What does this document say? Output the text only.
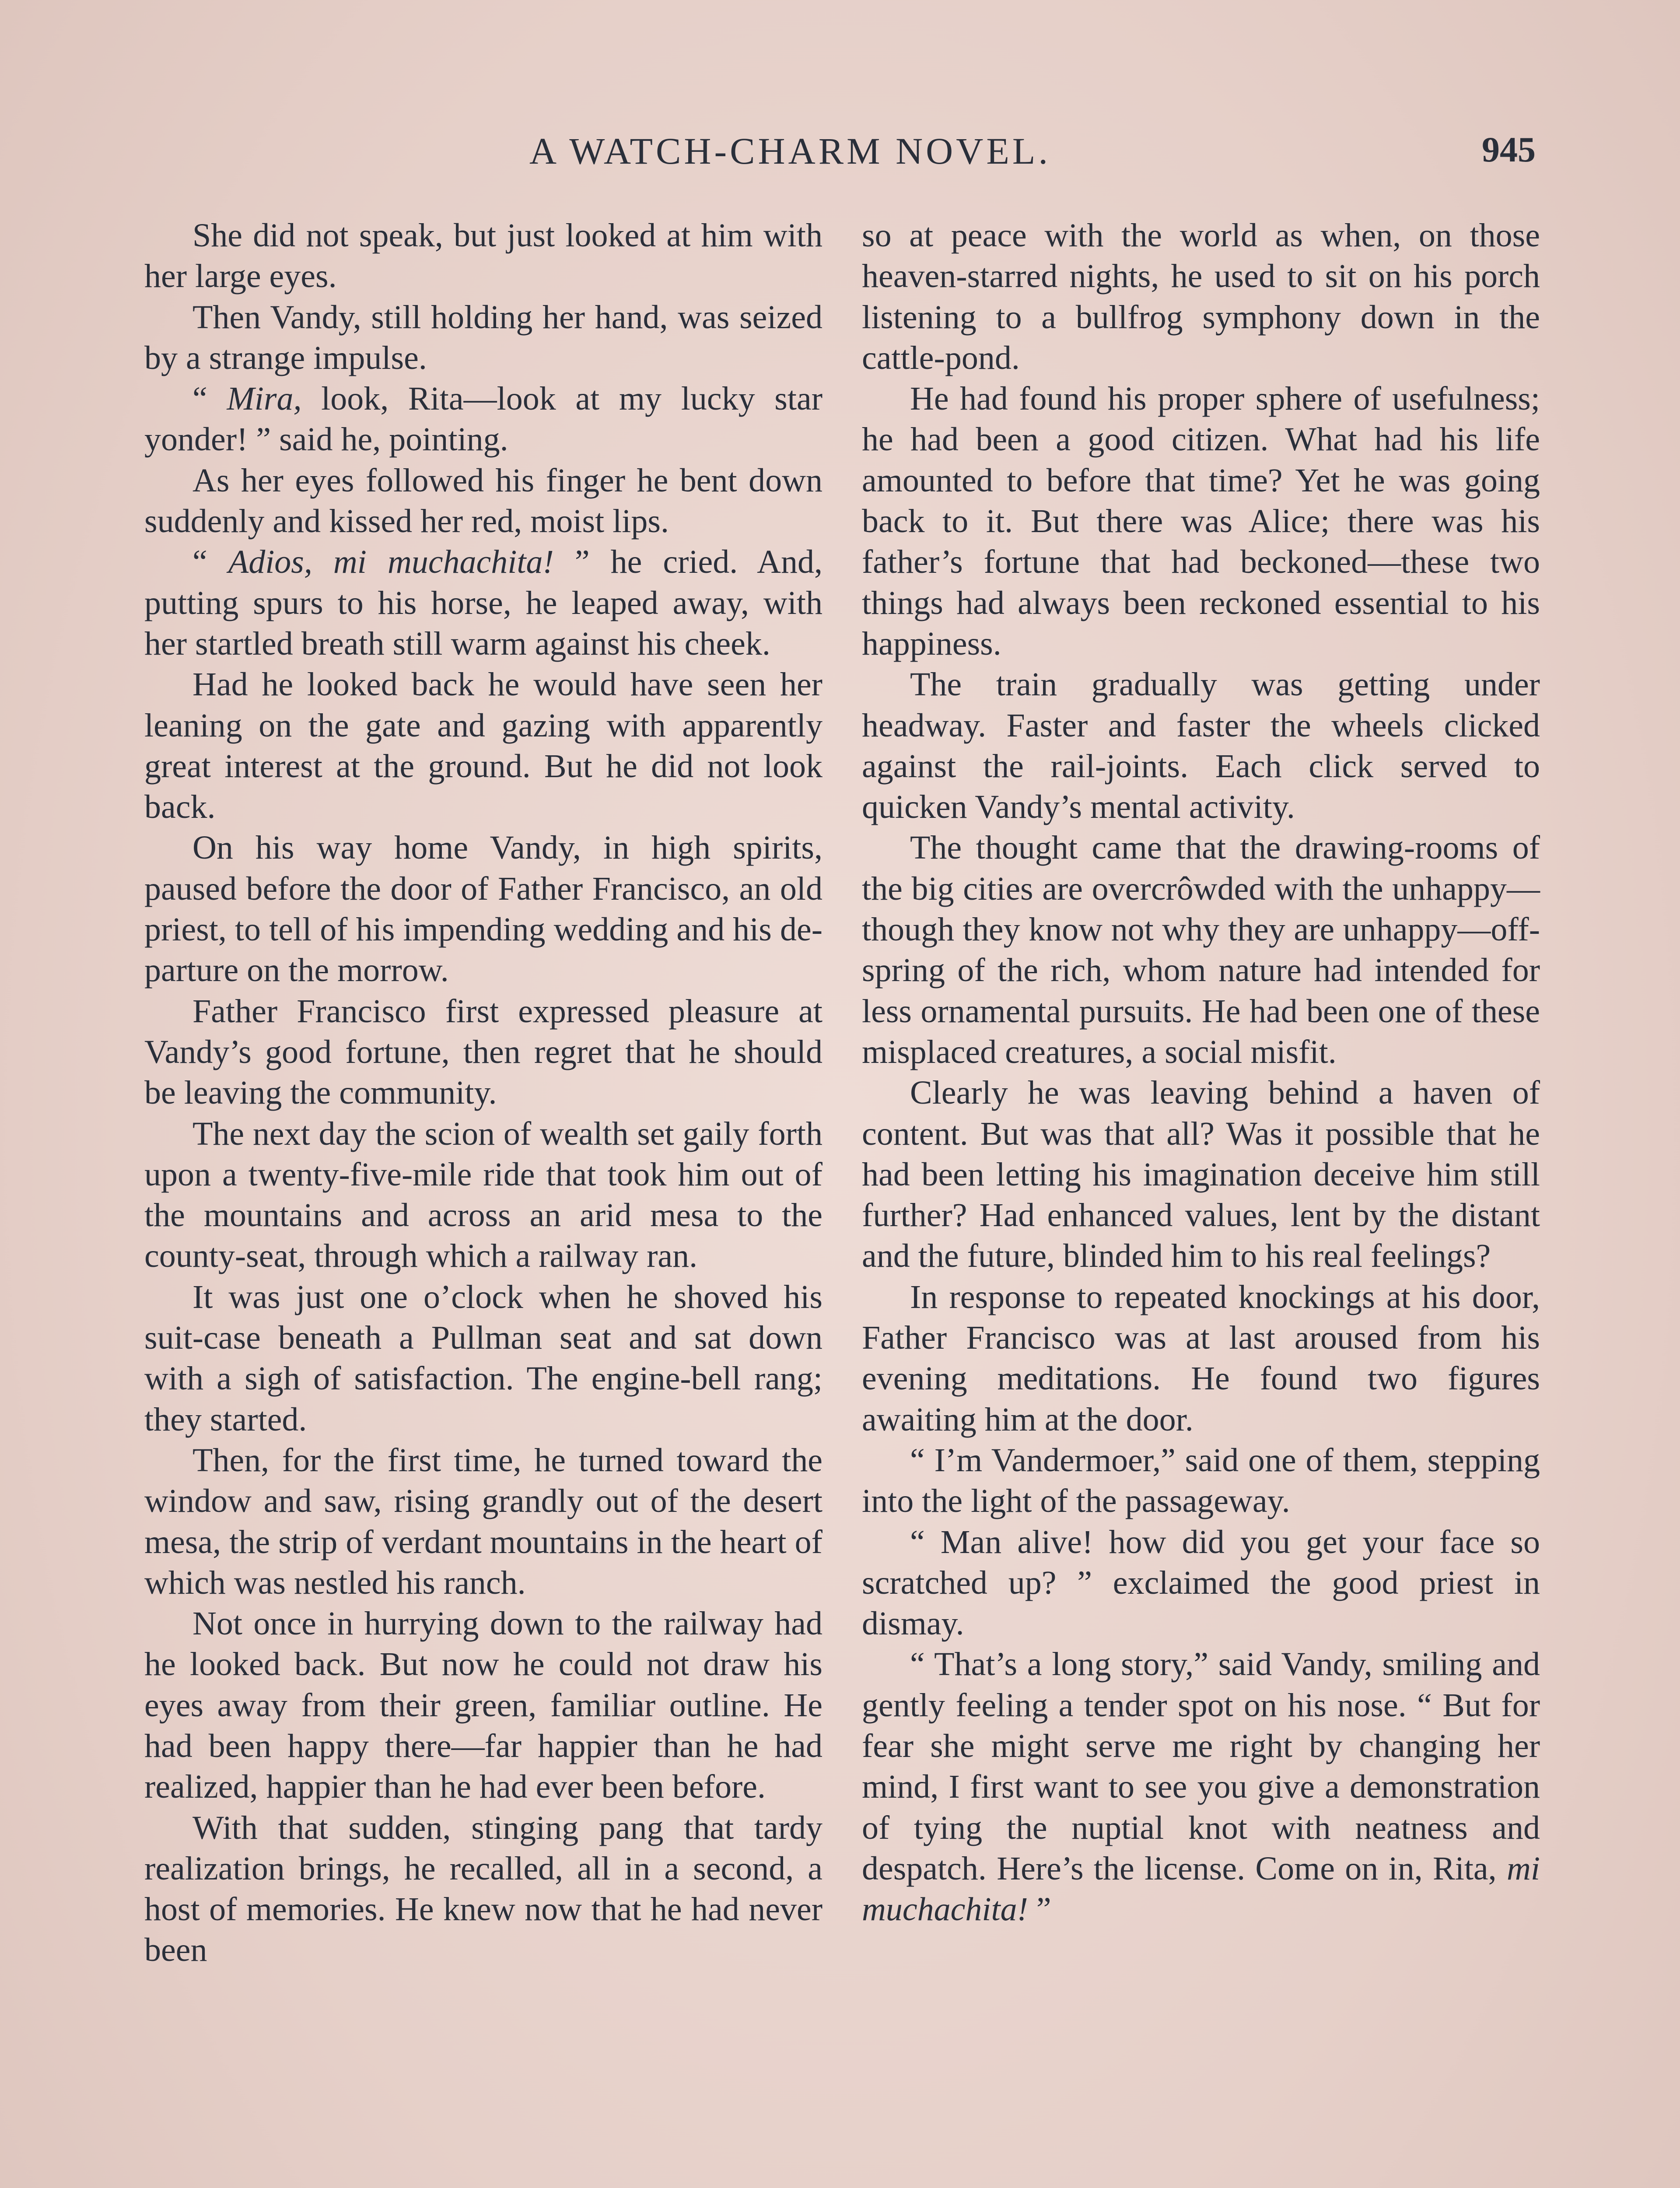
A WATCH-CHARM NOVEL.	945

She did not speak, but just looked at him with her large eyes.

Then Vandy, still holding her hand, was seized by a strange impulse.

“ Mira, look, Rita—look at my lucky star yonder! ” said he, pointing.

As her eyes followed his finger he bent down suddenly and kissed her red, moist lips.

“ Adios, mi muchachita! ” he cried. And, putting spurs to his horse, he leaped away, with her startled breath still warm against his cheek.

Had he looked back he would have seen her leaning on the gate and gazing with apparently great interest at the ground. But he did not look back.

On his way home Vandy, in high spirits, paused before the door of Father Francisco, an old priest, to tell of his impending wedding and his departure on the morrow.

Father Francisco first expressed pleasure at Vandy’s good fortune, then regret that he should be leaving the community.

The next day the scion of wealth set gaily forth upon a twenty-five-mile ride that took him out of the mountains and across an arid mesa to the county-seat, through which a railway ran.

It was just one o’clock when he shoved his suit-case beneath a Pullman seat and sat down with a sigh of satisfaction. The engine-bell rang; they started.

Then, for the first time, he turned toward the window and saw, rising grandly out of the desert mesa, the strip of verdant mountains in the heart of which was nestled his ranch.

Not once in hurrying down to the railway had he looked back. But now he could not draw his eyes away from their green, familiar outline. He had been happy there—far happier than he had realized, happier than he had ever been before.

With that sudden, stinging pang that tardy realization brings, he recalled, all in a second, a host of memories. He knew now that he had never been

so at peace with the world as when, on those heaven-starred nights, he used to sit on his porch listening to a bullfrog symphony down in the cattle-pond.

He had found his proper sphere of usefulness; he had been a good citizen. What had his life amounted to before that time? Yet he was going back to it. But there was Alice; there was his father’s fortune that had beckoned—these two things had always been reckoned essential to his happiness.

The train gradually was getting under headway. Faster and faster the wheels clicked against the rail-joints. Each click served to quicken Vandy’s mental activity.

The thought came that the drawing-rooms of the big cities are overcrôwded with the unhappy—though they know not why they are unhappy—offspring of the rich, whom nature had intended for less ornamental pursuits. He had been one of these misplaced creatures, a social misfit.

Clearly he was leaving behind a haven of content. But was that all? Was it possible that he had been letting his imagination deceive him still further? Had enhanced values, lent by the distant and the future, blinded him to his real feelings?

In response to repeated knockings at his door, Father Francisco was at last aroused from his evening meditations. He found two figures awaiting him at the door.

“ I’m Vandermoer,” said one of them, stepping into the light of the passageway.

“ Man alive! how did you get your face so scratched up? ” exclaimed the good priest in dismay.

“ That’s a long story,” said Vandy, smiling and gently feeling a tender spot on his nose. “ But for fear she might serve me right by changing her mind, I first want to see you give a demonstration of tying the nuptial knot with neatness and despatch. Here’s the license. Come on in, Rita, mi muchachita! ”
